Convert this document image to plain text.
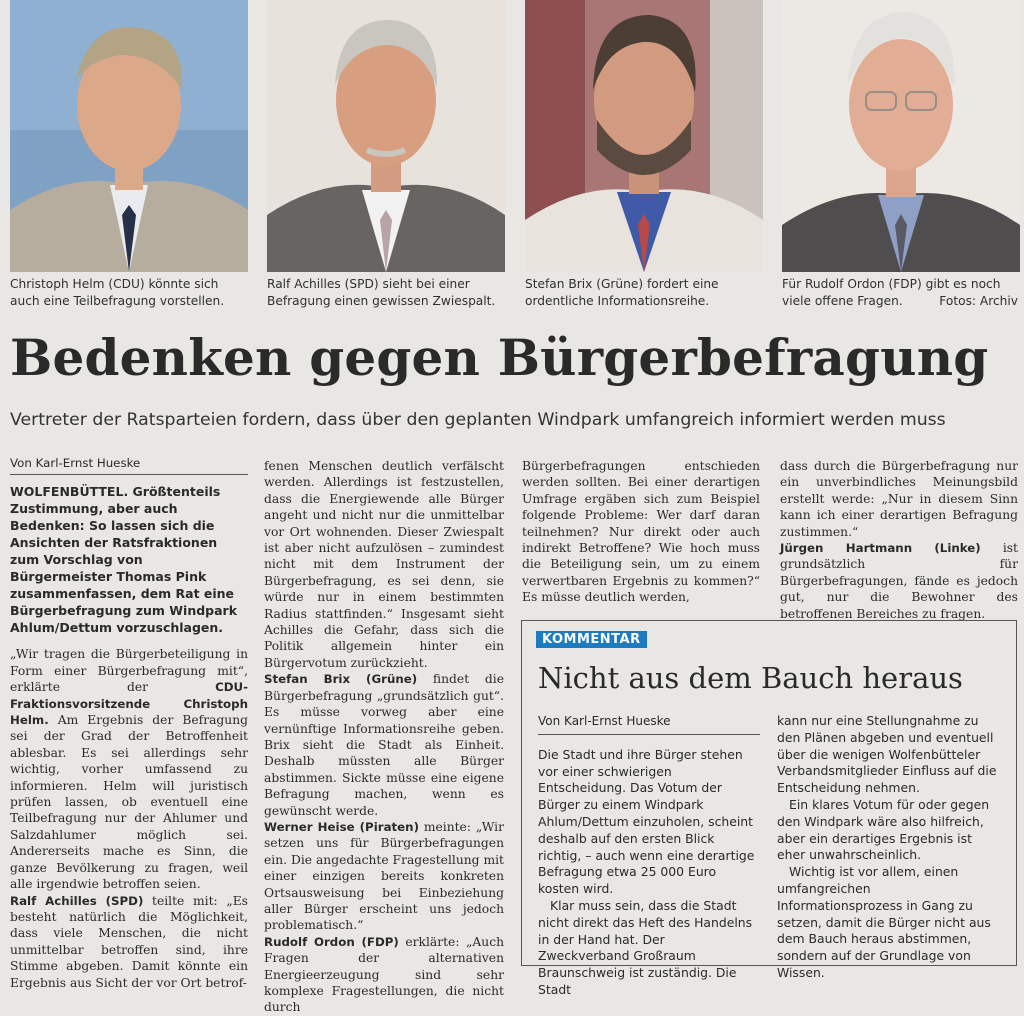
Christoph Helm (CDU) könnte sich auch eine Teilbefragung vorstellen.
Ralf Achilles (SPD) sieht bei einer Befragung einen gewissen Zwiespalt.
Stefan Brix (Grüne) fordert eine ordentliche Informationsreihe.
Für Rudolf Ordon (FDP) gibt es noch viele offene Fragen.	Fotos: Archiv
Bedenken gegen Bürgerbefragung
Vertreter der Ratsparteien fordern, dass über den geplanten Windpark umfangreich informiert werden muss
Von Karl-Ernst Hueske

WOLFENBÜTTEL. Größtenteils Zustimmung, aber auch Bedenken: So lassen sich die Ansichten der Ratsfraktionen zum Vorschlag von Bürgermeister Thomas Pink zusammenfassen, dem Rat eine Bürgerbefragung zum Windpark Ahlum/Dettum vorzuschlagen.

„Wir tragen die Bürgerbeteiligung in Form einer Bürgerbefragung mit“, erklärte der	CDU-Fraktionsvorsitzende Christoph Helm. Am Ergebnis der Befragung sei der Grad der Betroffenheit ablesbar. Es sei allerdings sehr wichtig, vorher umfassend zu informieren. Helm will juristisch prüfen lassen, ob eventuell eine Teilbefragung nur der Ahlumer und Salzdahlumer möglich sei. Andererseits mache es Sinn, die ganze Bevölkerung zu fragen, weil alle irgendwie betroffen seien.

Ralf Achilles (SPD) teilte mit: „Es besteht natürlich die Möglichkeit, dass viele Menschen, die nicht unmittelbar betroffen sind, ihre Stimme abgeben. Damit könnte ein Ergebnis aus Sicht der vor Ort betrof-

fenen Menschen deutlich verfälscht werden. Allerdings ist festzustellen, dass die Energiewende alle Bürger angeht und nicht nur die unmittelbar vor Ort wohnenden. Dieser Zwiespalt ist aber nicht aufzulösen – zumindest nicht mit dem Instrument der Bürgerbefragung, es sei denn, sie würde nur in einem bestimmten Radius stattfinden.“ Insgesamt sieht Achilles die Gefahr, dass sich die Politik allgemein hinter ein Bürgervotum zurückzieht.

Stefan Brix (Grüne) findet die Bürgerbefragung „grundsätzlich gut“. Es müsse vorweg aber eine vernünftige Informationsreihe geben. Brix sieht die Stadt als Einheit. Deshalb müssten alle Bürger abstimmen. Sickte müsse eine eigene Befragung machen, wenn es gewünscht werde.

Werner Heise (Piraten) meinte: „Wir setzen uns für Bürgerbefragungen ein. Die angedachte Fragestellung mit einer einzigen bereits konkreten Ortsausweisung bei Einbeziehung aller Bürger erscheint uns jedoch problematisch.“

Rudolf Ordon (FDP) erklärte: „Auch Fragen der alternativen Energieerzeugung sind sehr komplexe Fragestellungen, die nicht durch

Bürgerbefragungen entschieden werden sollten. Bei einer derartigen Umfrage ergäben sich zum Beispiel folgende Probleme: Wer darf daran teilnehmen? Nur direkt oder auch indirekt Betroffene? Wie hoch muss die Beteiligung sein, um zu einem verwertbaren Ergebnis zu kommen?“ Es müsse deutlich werden,

dass durch die Bürgerbefragung nur ein unverbindliches Meinungsbild erstellt werde: „Nur in diesem Sinn kann ich einer derartigen Befragung zustimmen.“

Jürgen Hartmann (Linke) ist grundsätzlich für Bürgerbefragungen, fände es jedoch gut, nur die Bewohner des betroffenen Bereiches zu fragen.

KOMMENTAR
Nicht aus dem Bauch heraus
Von Karl-Ernst Hueske

Die Stadt und ihre Bürger stehen vor einer schwierigen Entscheidung. Das Votum der Bürger zu einem Windpark Ahlum/Dettum einzuholen, scheint deshalb auf den ersten Blick richtig, – auch wenn eine derartige Befragung etwa 25 000 Euro kosten wird.

Klar muss sein, dass die Stadt nicht direkt das Heft des Handelns in der Hand hat. Der Zweckverband Großraum Braunschweig ist zuständig. Die Stadt

kann nur eine Stellungnahme zu den Plänen abgeben und eventuell über die wenigen Wolfenbütteler Verbandsmitglieder Einfluss auf die Entscheidung nehmen.

Ein klares Votum für oder gegen den Windpark wäre also hilfreich, aber ein derartiges Ergebnis ist eher unwahrscheinlich.

Wichtig ist vor allem, einen umfangreichen Informationsprozess in Gang zu setzen, damit die Bürger nicht aus dem Bauch heraus abstimmen, sondern auf der Grundlage von Wissen.
